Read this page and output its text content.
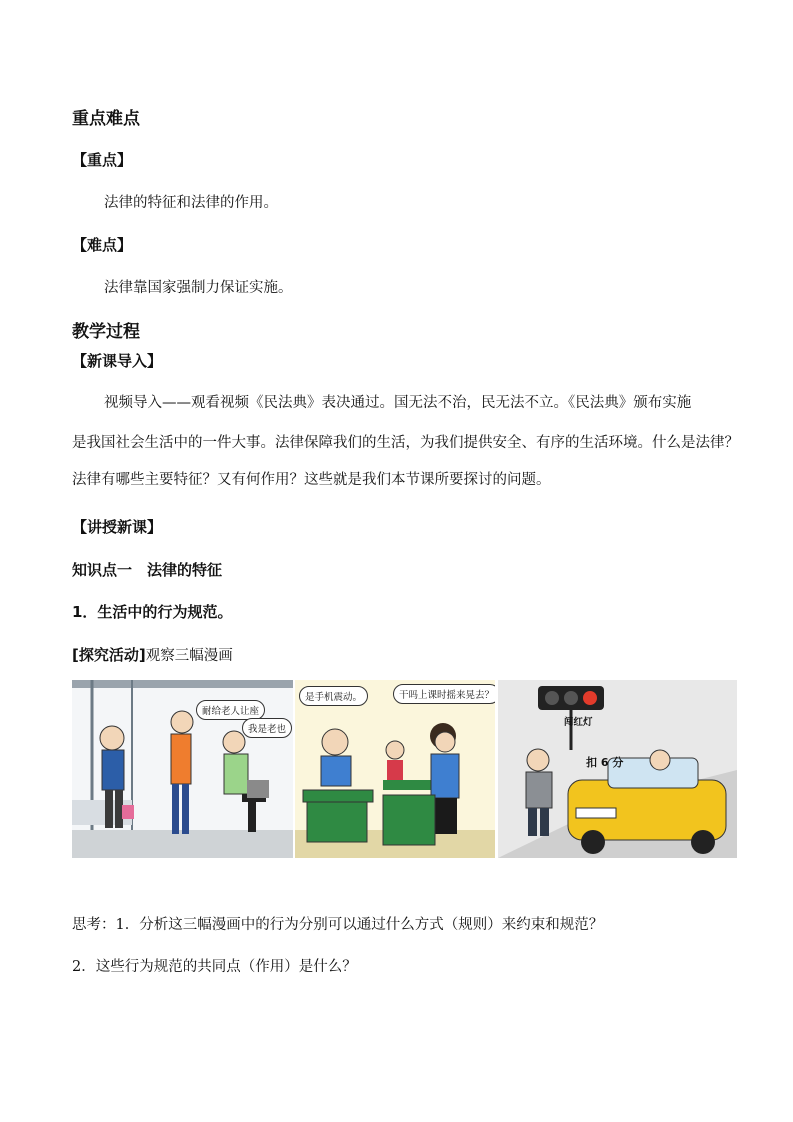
重点难点
【重点】
法律的特征和法律的作用。
【难点】
法律靠国家强制力保证实施。
教学过程
【新课导入】
视频导入——观看视频《民法典》表决通过。国无法不治，民无法不立。《民法典》颁布实施
是我国社会生活中的一件大事。法律保障我们的生活，为我们提供安全、有序的生活环境。什么是法律？
法律有哪些主要特征？又有何作用？这些就是我们本节课所要探讨的问题。
【讲授新课】
知识点一　法律的特征
1．生活中的行为规范。
[探究活动]观察三幅漫画
耐给老人让座
我是老也
是手机震动。	干吗上课时摇来晃去？
闯红灯
扣 6 分
思考：1．分析这三幅漫画中的行为分别可以通过什么方式（规则）来约束和规范？
2．这些行为规范的共同点（作用）是什么？
